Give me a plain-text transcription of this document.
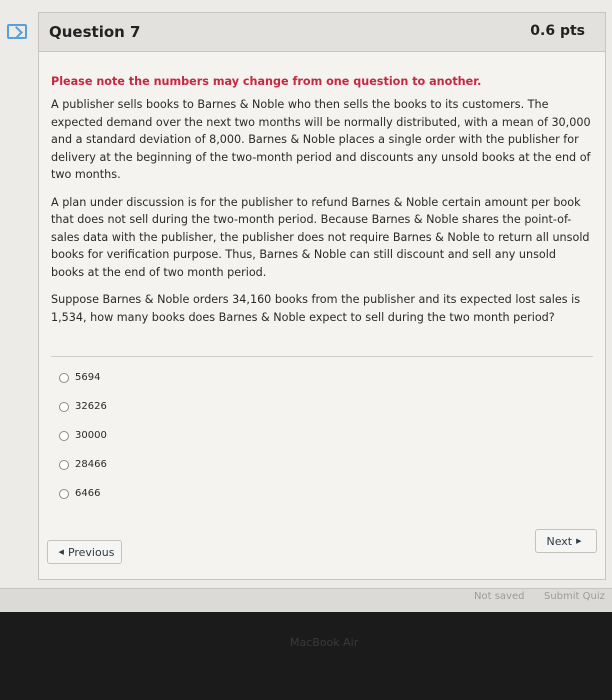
Question 7	0.6 pts

Please note the numbers may change from one question to another.

A publisher sells books to Barnes & Noble who then sells the books to its customers. The expected demand over the next two months will be normally distributed, with a mean of 30,000 and a standard deviation of 8,000. Barnes & Noble places a single order with the publisher for delivery at the beginning of the two-month period and discounts any unsold books at the end of two months.

A plan under discussion is for the publisher to refund Barnes & Noble certain amount per book that does not sell during the two-month period. Because Barnes & Noble shares the point-of-sales data with the publisher, the publisher does not require Barnes & Noble to return all unsold books for verification purpose. Thus, Barnes & Noble can still discount and sell any unsold books at the end of two month period.

Suppose Barnes & Noble orders 34,160 books from the publisher and its expected lost sales is 1,534, how many books does Barnes & Noble expect to sell during the two month period?

5694
32626
30000
28466
6466
Next ▶
◀ Previous
Not saved Submit Quiz
MacBook Air
